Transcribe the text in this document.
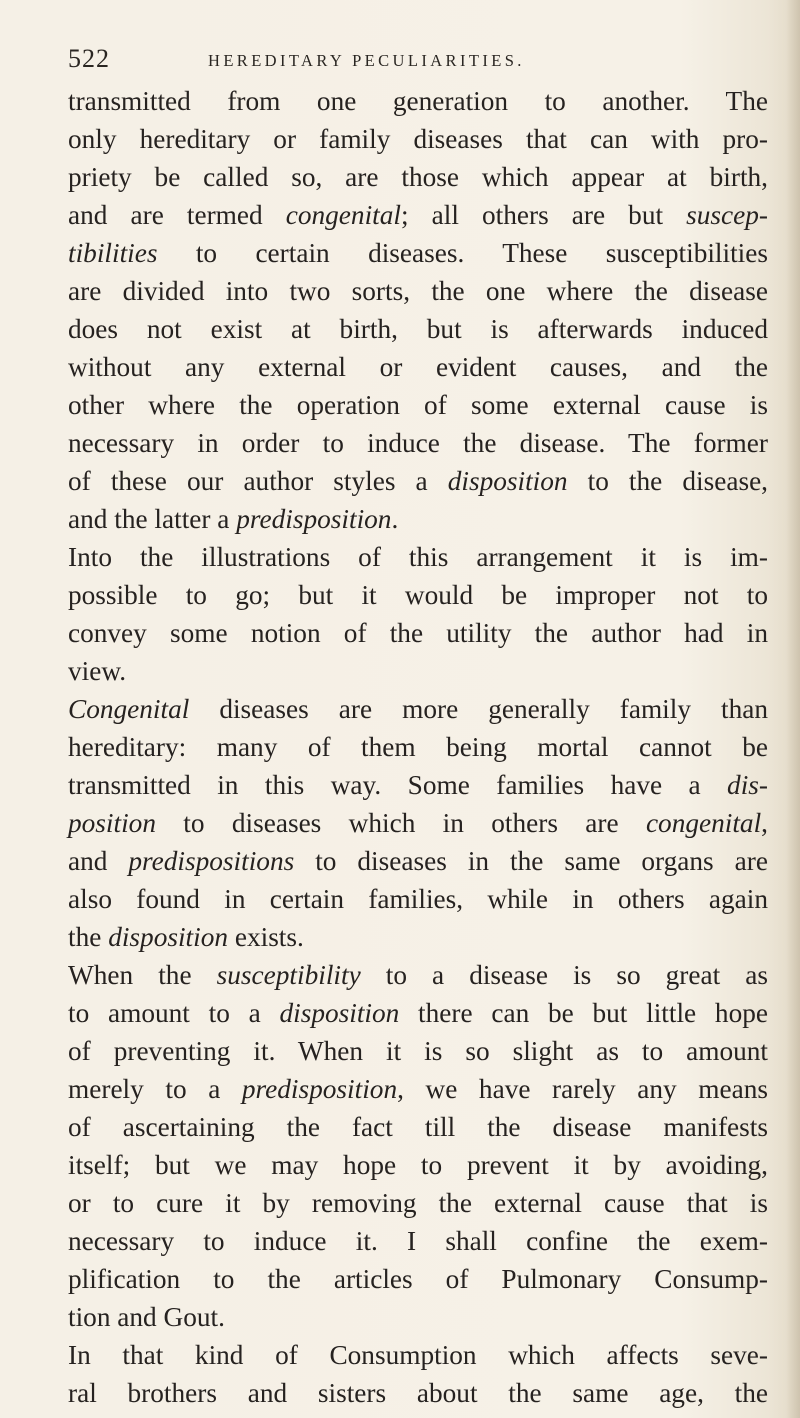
522	HEREDITARY PECULIARITIES.
transmitted from one generation to another. The
only hereditary or family diseases that can with pro-
priety be called so, are those which appear at birth,
and are termed congenital; all others are but suscep-
tibilities to certain diseases. These susceptibilities
are divided into two sorts, the one where the disease
does not exist at birth, but is afterwards induced
without any external or evident causes, and the
other where the operation of some external cause is
necessary in order to induce the disease. The former
of these our author styles a disposition to the disease,
and the latter a predisposition.
Into the illustrations of this arrangement it is im-
possible to go; but it would be improper not to
convey some notion of the utility the author had in
view.
Congenital diseases are more generally family than
hereditary: many of them being mortal cannot be
transmitted in this way. Some families have a dis-
position to diseases which in others are congenital,
and predispositions to diseases in the same organs are
also found in certain families, while in others again
the disposition exists.
When the susceptibility to a disease is so great as
to amount to a disposition there can be but little hope
of preventing it. When it is so slight as to amount
merely to a predisposition, we have rarely any means
of ascertaining the fact till the disease manifests
itself; but we may hope to prevent it by avoiding,
or to cure it by removing the external cause that is
necessary to induce it. I shall confine the exem-
plification to the articles of Pulmonary Consump-
tion and Gout.
In that kind of Consumption which affects seve-
ral brothers and sisters about the same age, the
